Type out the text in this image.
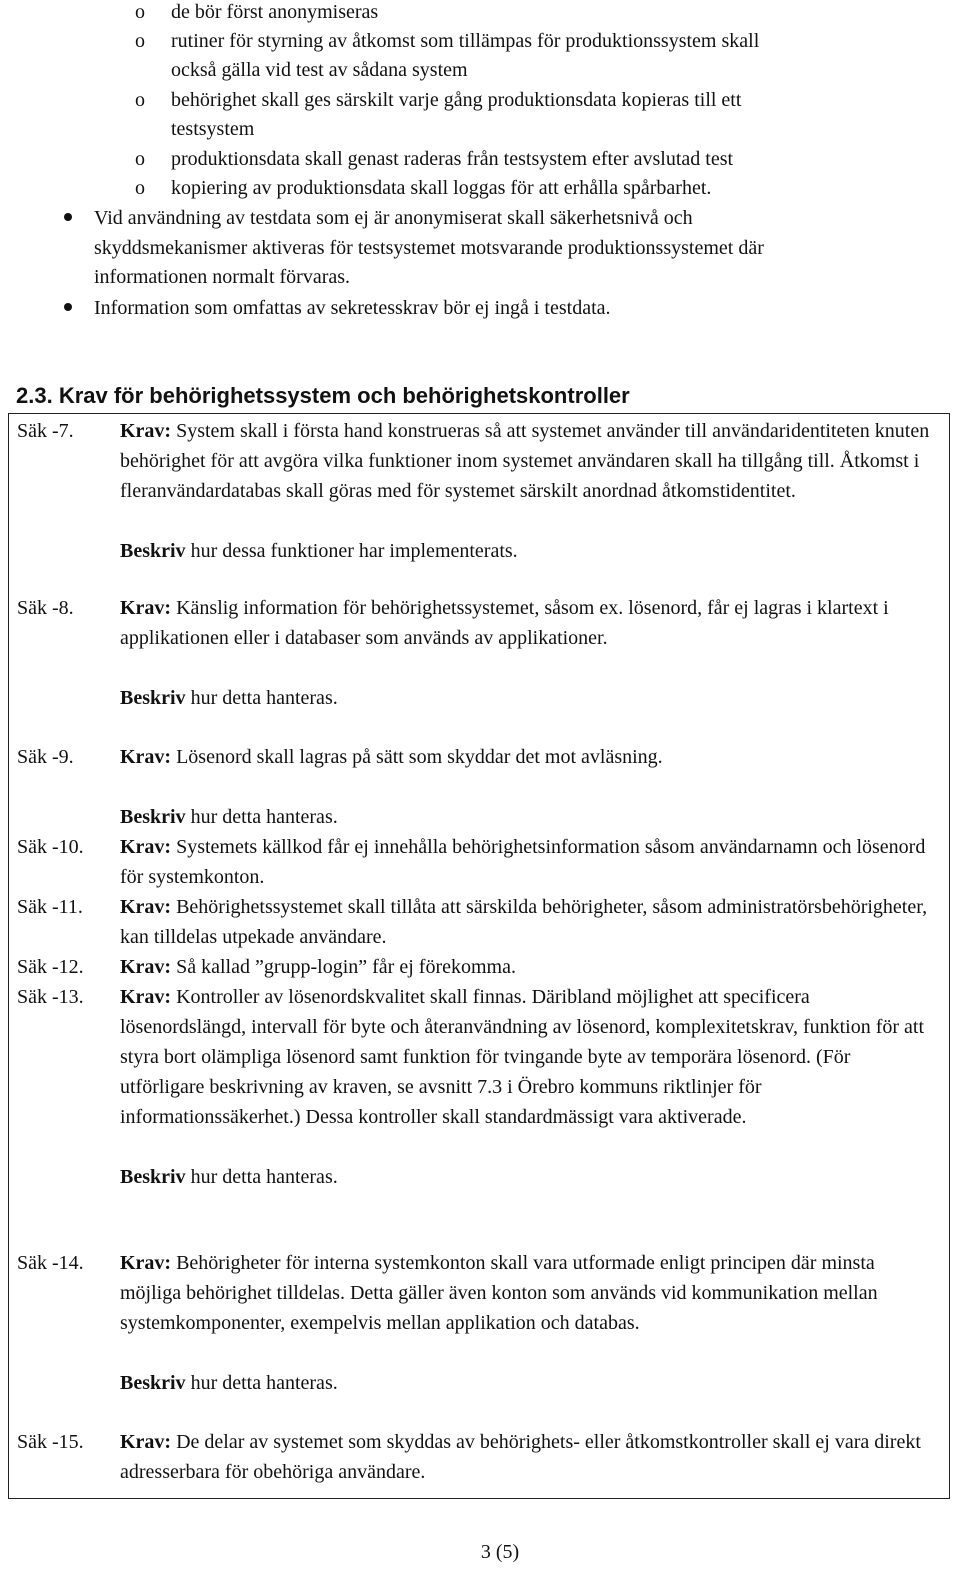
o de bör först anonymiseras
o rutiner för styrning av åtkomst som tillämpas för produktionssystem skall
också gälla vid test av sådana system
o behörighet skall ges särskilt varje gång produktionsdata kopieras till ett
testsystem
o produktionsdata skall genast raderas från testsystem efter avslutad test
o kopiering av produktionsdata skall loggas för att erhålla spårbarhet.
Vid användning av testdata som ej är anonymiserat skall säkerhetsnivå och
skyddsmekanismer aktiveras för testsystemet motsvarande produktionssystemet där
informationen normalt förvaras.
Information som omfattas av sekretesskrav bör ej ingå i testdata.
2.3. Krav för behörighetssystem och behörighetskontroller
Säk -7. Krav: System skall i första hand konstrueras så att systemet använder till användaridentiteten knuten behörighet för att avgöra vilka funktioner inom systemet användaren skall ha tillgång till. Åtkomst i fleranvändardatabas skall göras med för systemet särskilt anordnad åtkomstidentitet.

Beskriv hur dessa funktioner har implementerats.

Säk -8. Krav: Känslig information för behörighetssystemet, såsom ex. lösenord, får ej lagras i klartext i applikationen eller i databaser som används av applikationer.

Beskriv hur detta hanteras.

Säk -9. Krav: Lösenord skall lagras på sätt som skyddar det mot avläsning.

Beskriv hur detta hanteras.

Säk -10. Krav: Systemets källkod får ej innehålla behörighetsinformation såsom användarnamn och lösenord för systemkonton.

Säk -11. Krav: Behörighetssystemet skall tillåta att särskilda behörigheter, såsom administratörsbehörigheter, kan tilldelas utpekade användare.

Säk -12. Krav: Så kallad ”grupp-login” får ej förekomma.

Säk -13. Krav: Kontroller av lösenordskvalitet skall finnas. Däribland möjlighet att specificera lösenordslängd, intervall för byte och återanvändning av lösenord, komplexitetskrav, funktion för att styra bort olämpliga lösenord samt funktion för tvingande byte av temporära lösenord. (För utförligare beskrivning av kraven, se avsnitt 7.3 i Örebro kommuns riktlinjer för informationssäkerhet.) Dessa kontroller skall standardmässigt vara aktiverade.

Beskriv hur detta hanteras.

Säk -14. Krav: Behörigheter för interna systemkonton skall vara utformade enligt principen där minsta möjliga behörighet tilldelas. Detta gäller även konton som används vid kommunikation mellan systemkomponenter, exempelvis mellan applikation och databas.

Beskriv hur detta hanteras.

Säk -15. Krav: De delar av systemet som skyddas av behörighets- eller åtkomstkontroller skall ej vara direkt adresserbara för obehöriga användare.

3 (5)
